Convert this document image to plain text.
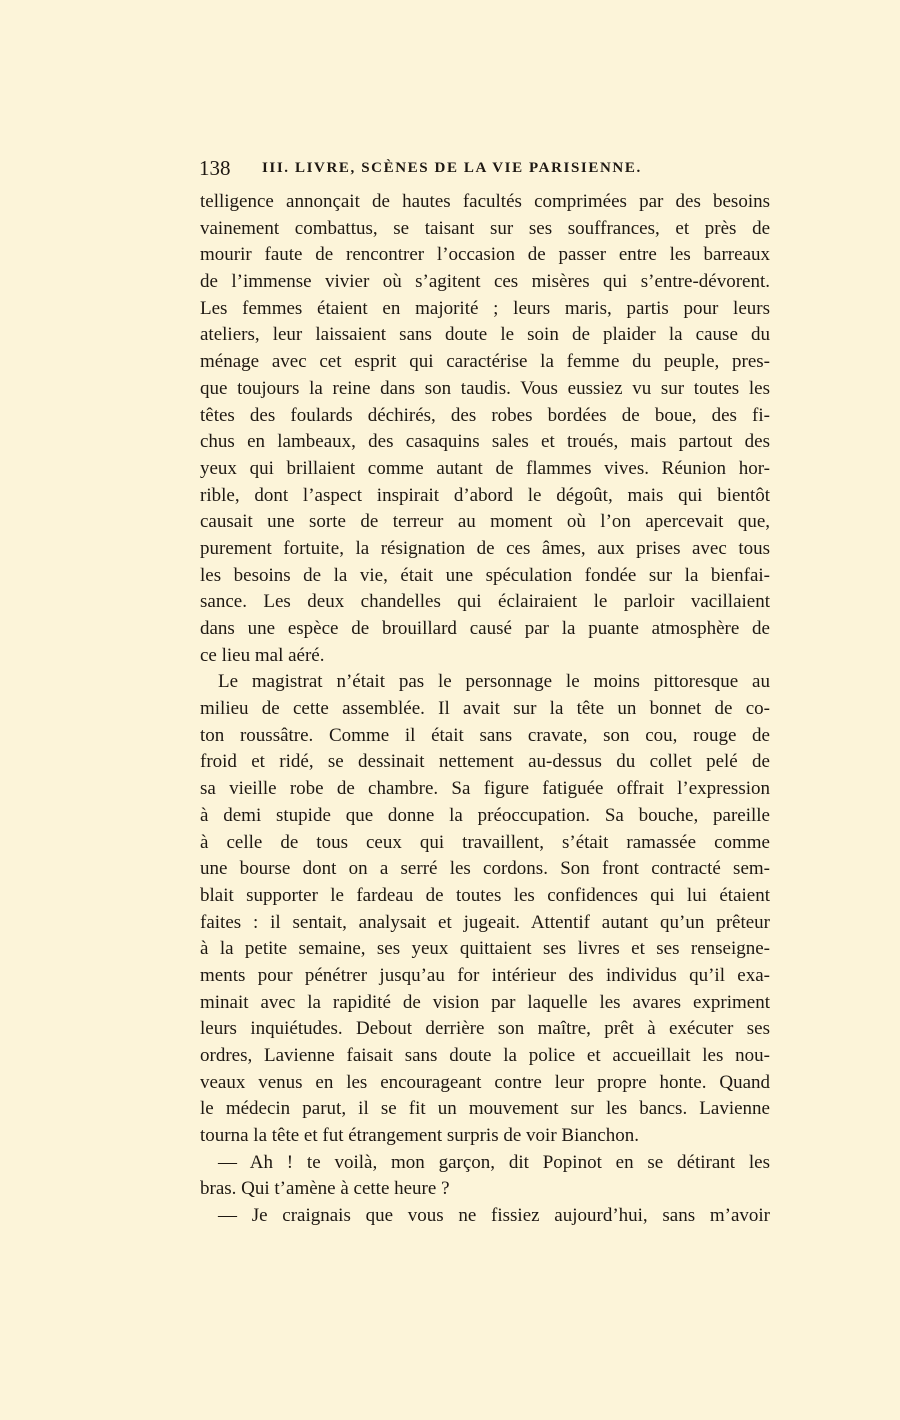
138 III. LIVRE, SCÈNES DE LA VIE PARISIENNE.
telligence annonçait de hautes facultés comprimées par des besoins
vainement combattus, se taisant sur ses souffrances, et près de
mourir faute de rencontrer l’occasion de passer entre les barreaux
de l’immense vivier où s’agitent ces misères qui s’entre-dévorent.
Les femmes étaient en majorité ; leurs maris, partis pour leurs
ateliers, leur laissaient sans doute le soin de plaider la cause du
ménage avec cet esprit qui caractérise la femme du peuple, pres-
que toujours la reine dans son taudis. Vous eussiez vu sur toutes les
têtes des foulards déchirés, des robes bordées de boue, des fi-
chus en lambeaux, des casaquins sales et troués, mais partout des
yeux qui brillaient comme autant de flammes vives. Réunion hor-
rible, dont l’aspect inspirait d’abord le dégoût, mais qui bientôt
causait une sorte de terreur au moment où l’on apercevait que,
purement fortuite, la résignation de ces âmes, aux prises avec tous
les besoins de la vie, était une spéculation fondée sur la bienfai-
sance. Les deux chandelles qui éclairaient le parloir vacillaient
dans une espèce de brouillard causé par la puante atmosphère de
ce lieu mal aéré.
Le magistrat n’était pas le personnage le moins pittoresque au
milieu de cette assemblée. Il avait sur la tête un bonnet de co-
ton roussâtre. Comme il était sans cravate, son cou, rouge de
froid et ridé, se dessinait nettement au-dessus du collet pelé de
sa vieille robe de chambre. Sa figure fatiguée offrait l’expression
à demi stupide que donne la préoccupation. Sa bouche, pareille
à celle de tous ceux qui travaillent, s’était ramassée comme
une bourse dont on a serré les cordons. Son front contracté sem-
blait supporter le fardeau de toutes les confidences qui lui étaient
faites : il sentait, analysait et jugeait. Attentif autant qu’un prêteur
à la petite semaine, ses yeux quittaient ses livres et ses renseigne-
ments pour pénétrer jusqu’au for intérieur des individus qu’il exa-
minait avec la rapidité de vision par laquelle les avares expriment
leurs inquiétudes. Debout derrière son maître, prêt à exécuter ses
ordres, Lavienne faisait sans doute la police et accueillait les nou-
veaux venus en les encourageant contre leur propre honte. Quand
le médecin parut, il se fit un mouvement sur les bancs. Lavienne
tourna la tête et fut étrangement surpris de voir Bianchon.
— Ah ! te voilà, mon garçon, dit Popinot en se détirant les
bras. Qui t’amène à cette heure ?
— Je craignais que vous ne fissiez aujourd’hui, sans m’avoir
